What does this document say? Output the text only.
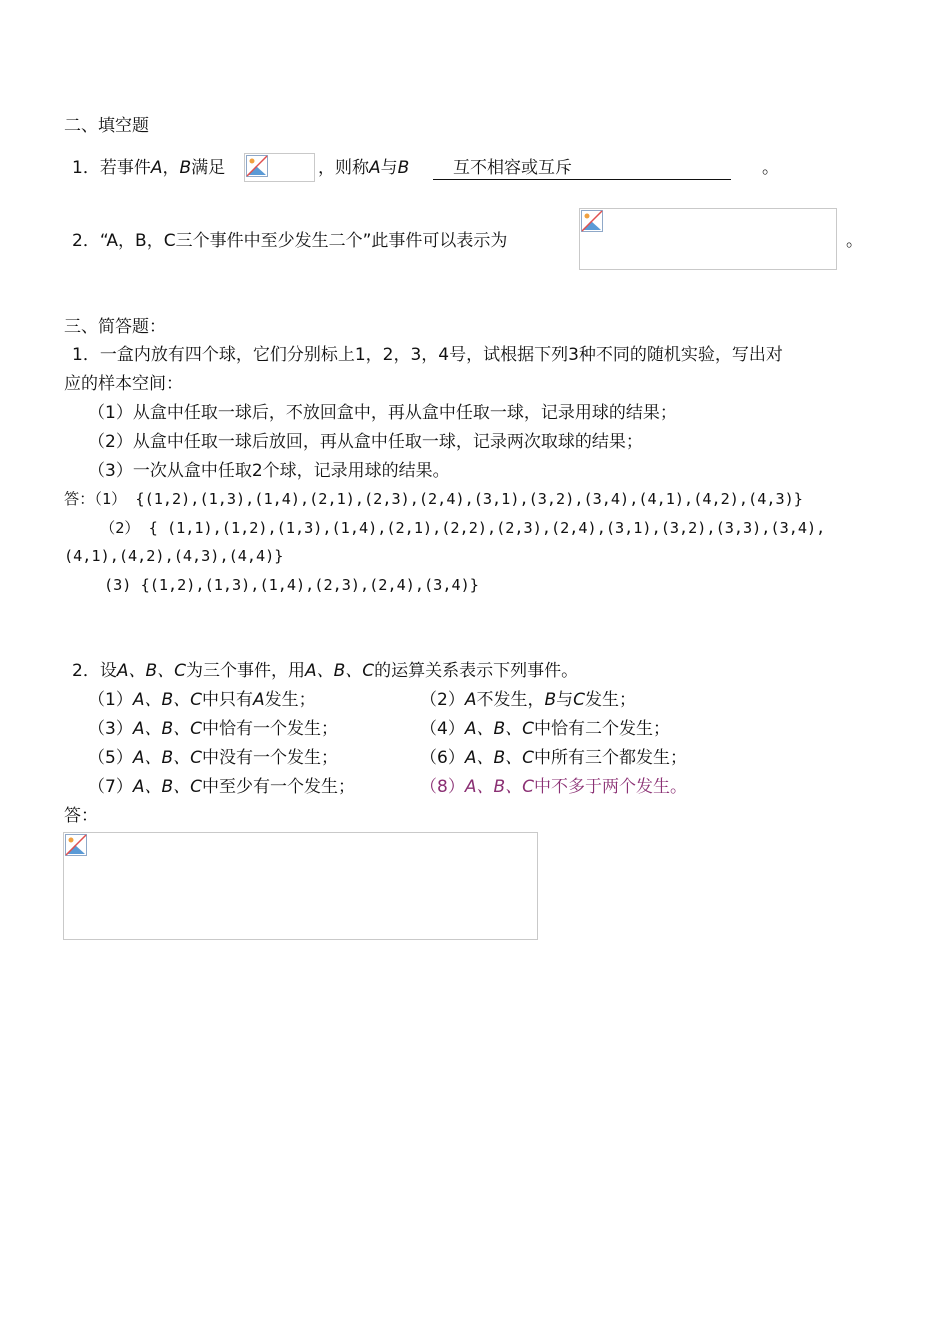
二、填空题
1．若事件A，B满足	，则称A与B	互不相容或互斥	。
2．“A，B，C三个事件中至少发生二个”此事件可以表示为	。
三、简答题：
1．一盒内放有四个球，它们分别标上1，2，3，4号，试根据下列3种不同的随机实验，写出对
应的样本空间：
（1）从盒中任取一球后，不放回盒中，再从盒中任取一球，记录用球的结果；
（2）从盒中任取一球后放回，再从盒中任取一球，记录两次取球的结果；
（3）一次从盒中任取2个球，记录用球的结果。
答：（1） {(1,2),(1,3),(1,4),(2,1),(2,3),(2,4),(3,1),(3,2),(3,4),(4,1),(4,2),(4,3)}
（2） { (1,1),(1,2),(1,3),(1,4),(2,1),(2,2),(2,3),(2,4),(3,1),(3,2),(3,3),(3,4),
(4,1),(4,2),(4,3),(4,4)}
(3) {(1,2),(1,3),(1,4),(2,3),(2,4),(3,4)}
2．设A、B、C为三个事件，用A、B、C的运算关系表示下列事件。
（1）A、B、C中只有A发生；	（2）A不发生，B与C发生；
（3）A、B、C中恰有一个发生；	（4）A、B、C中恰有二个发生；
（5）A、B、C中没有一个发生；	（6）A、B、C中所有三个都发生；
（7）A、B、C中至少有一个发生；	（8）A、B、C中不多于两个发生。
答：
